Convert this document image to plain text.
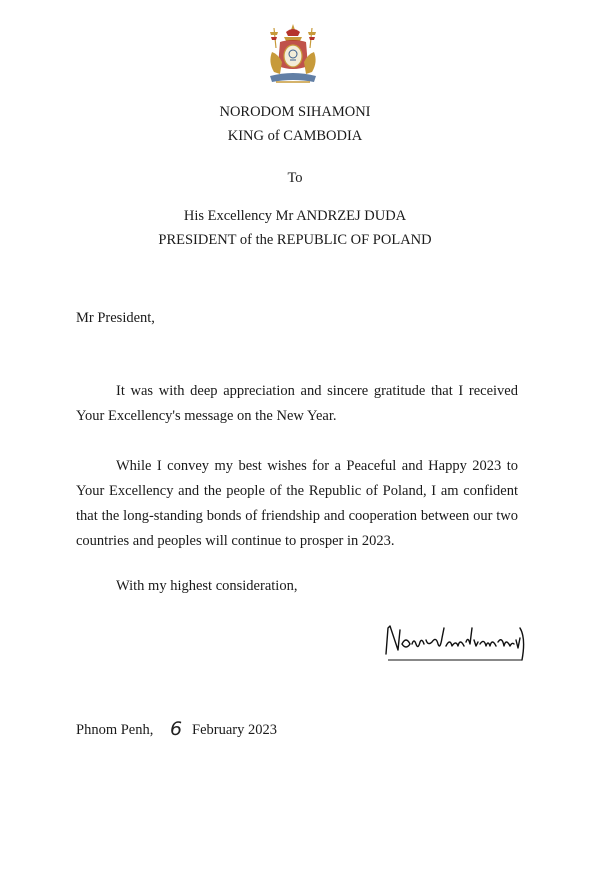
NORODOM SIHAMONI
KING of CAMBODIA
To
His Excellency Mr ANDRZEJ DUDA
PRESIDENT of the REPUBLIC OF POLAND
Mr President,
It was with deep appreciation and sincere gratitude that I received Your Excellency's message on the New Year.
While I convey my best wishes for a Peaceful and Happy 2023 to Your Excellency and the people of the Republic of Poland, I am confident that the long-standing bonds of friendship and cooperation between our two countries and peoples will continue to prosper in 2023.
With my highest consideration,
Phnom Penh, 6 February 2023
